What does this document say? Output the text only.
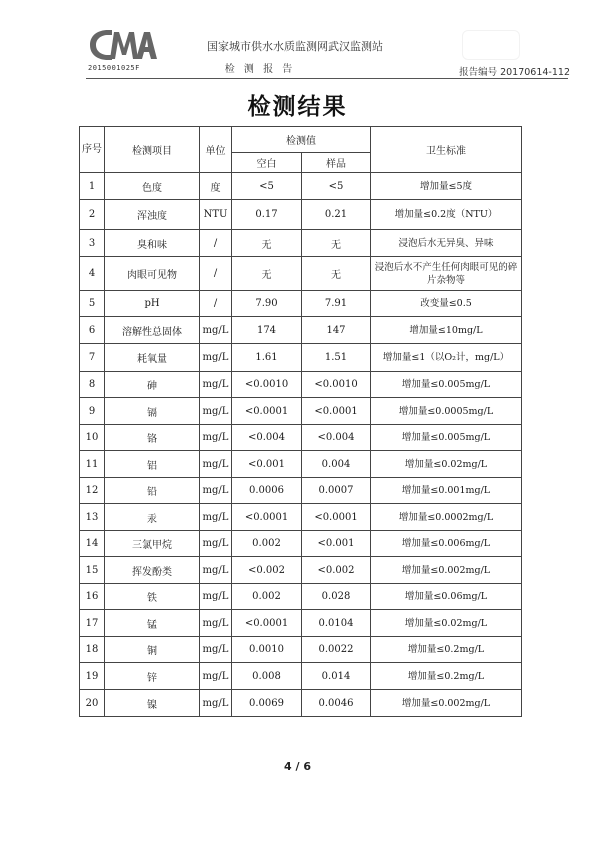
2015001025F
国家城市供水水质监测网武汉监测站
检 测 报 告	报告编号 20170614-112
检测结果
序号	检测项目	单位	检测值		卫生标准
			空白	样品	
1	色度	度	<5	<5	增加量≤5度
2	浑浊度	NTU	0.17	0.21	增加量≤0.2度（NTU）
3	臭和味	/	无	无	浸泡后水无异臭、异味
4	肉眼可见物	/	无	无	浸泡后水不产生任何肉眼可见的碎片杂物等
5	pH	/	7.90	7.91	改变量≤0.5
6	溶解性总固体	mg/L	174	147	增加量≤10mg/L
7	耗氧量	mg/L	1.61	1.51	增加量≤1（以O₂计，mg/L）
8	砷	mg/L	<0.0010	<0.0010	增加量≤0.005mg/L
9	镉	mg/L	<0.0001	<0.0001	增加量≤0.0005mg/L
10	铬	mg/L	<0.004	<0.004	增加量≤0.005mg/L
11	铝	mg/L	<0.001	0.004	增加量≤0.02mg/L
12	铅	mg/L	0.0006	0.0007	增加量≤0.001mg/L
13	汞	mg/L	<0.0001	<0.0001	增加量≤0.0002mg/L
14	三氯甲烷	mg/L	0.002	<0.001	增加量≤0.006mg/L
15	挥发酚类	mg/L	<0.002	<0.002	增加量≤0.002mg/L
16	铁	mg/L	0.002	0.028	增加量≤0.06mg/L
17	锰	mg/L	<0.0001	0.0104	增加量≤0.02mg/L
18	铜	mg/L	0.0010	0.0022	增加量≤0.2mg/L
19	锌	mg/L	0.008	0.014	增加量≤0.2mg/L
20	镍	mg/L	0.0069	0.0046	增加量≤0.002mg/L
4 / 6
